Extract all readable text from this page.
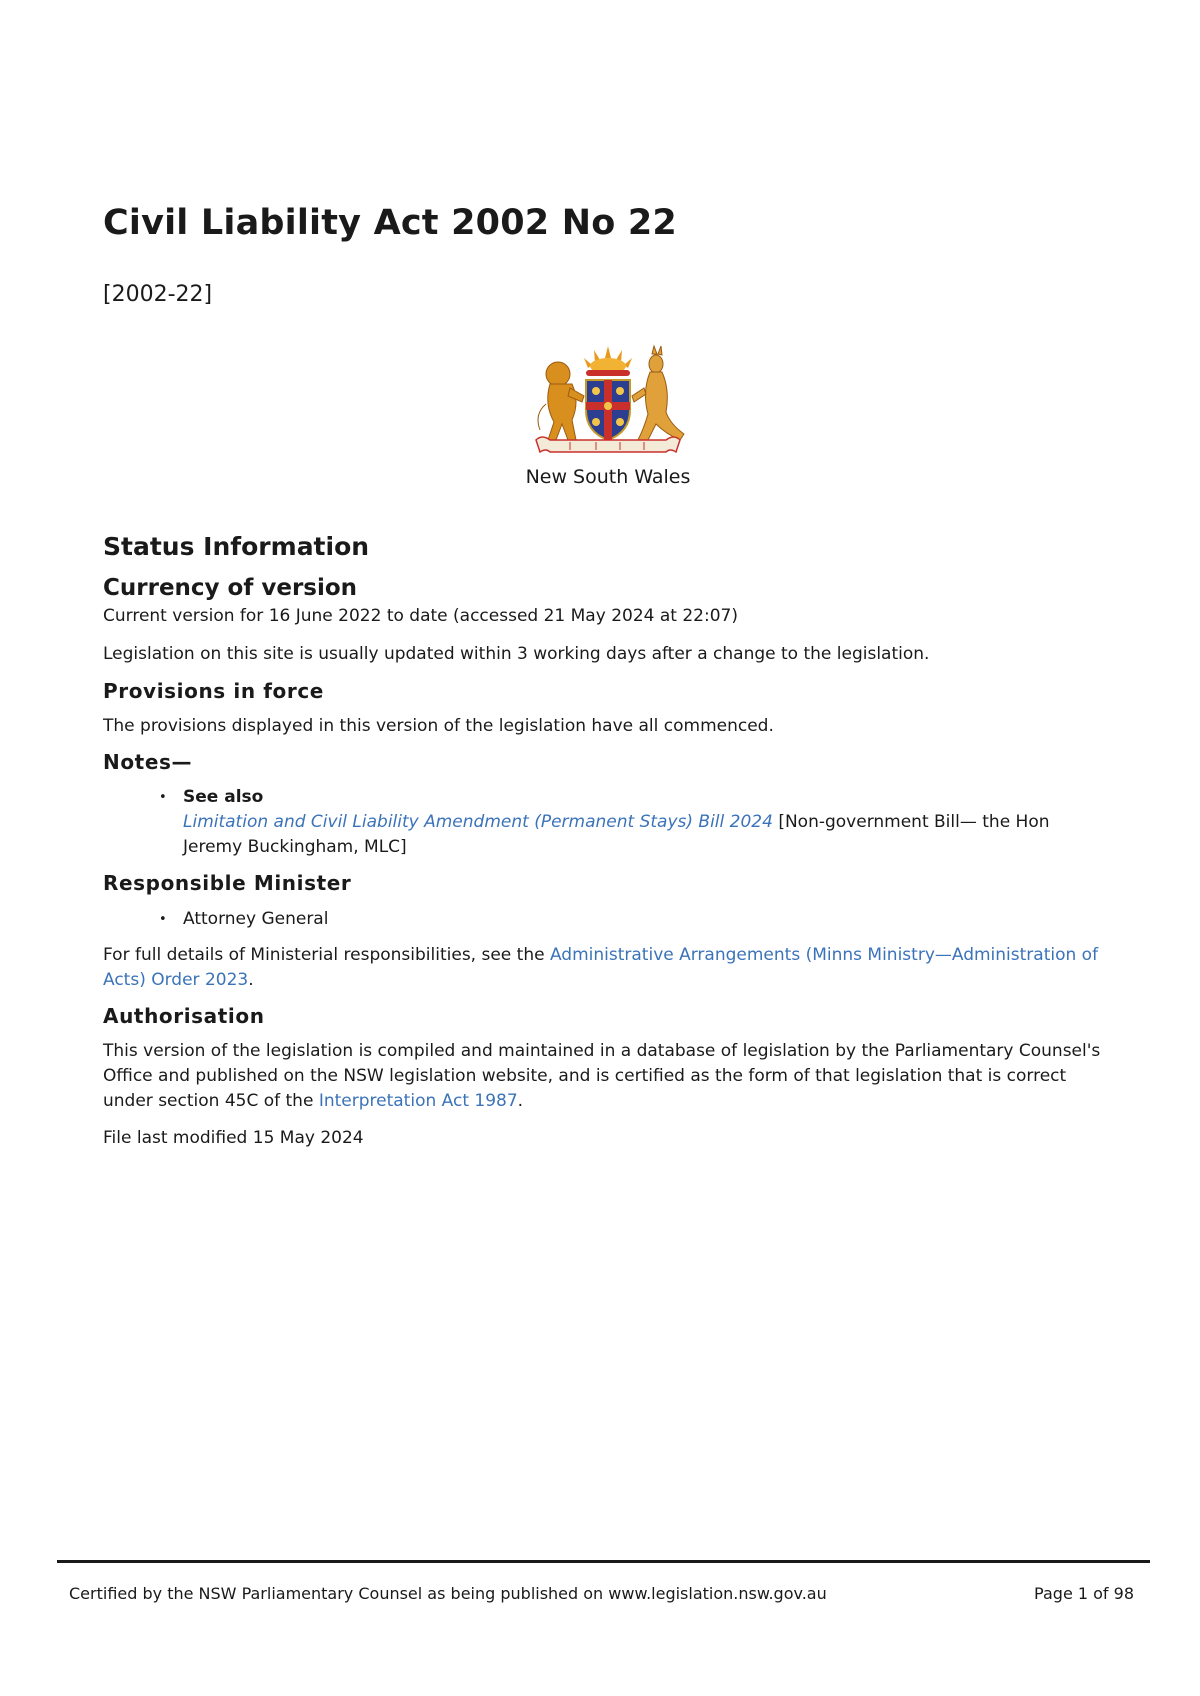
Civil Liability Act 2002 No 22
[2002-22]
New South Wales
Status Information
Currency of version

Current version for 16 June 2022 to date (accessed 21 May 2024 at 22:07)

Legislation on this site is usually updated within 3 working days after a change to the legislation.

Provisions in force

The provisions displayed in this version of the legislation have all commenced.

Notes—
• See also
Limitation and Civil Liability Amendment (Permanent Stays) Bill 2024 [Non-government Bill— the Hon Jeremy Buckingham, MLC]
Responsible Minister
• Attorney General

For full details of Ministerial responsibilities, see the Administrative Arrangements (Minns Ministry—Administration of Acts) Order 2023.

Authorisation

This version of the legislation is compiled and maintained in a database of legislation by the Parliamentary Counsel's Office and published on the NSW legislation website, and is certified as the form of that legislation that is correct under section 45C of the Interpretation Act 1987.

File last modified 15 May 2024

Certified by the NSW Parliamentary Counsel as being published on www.legislation.nsw.gov.au	Page 1 of 98
